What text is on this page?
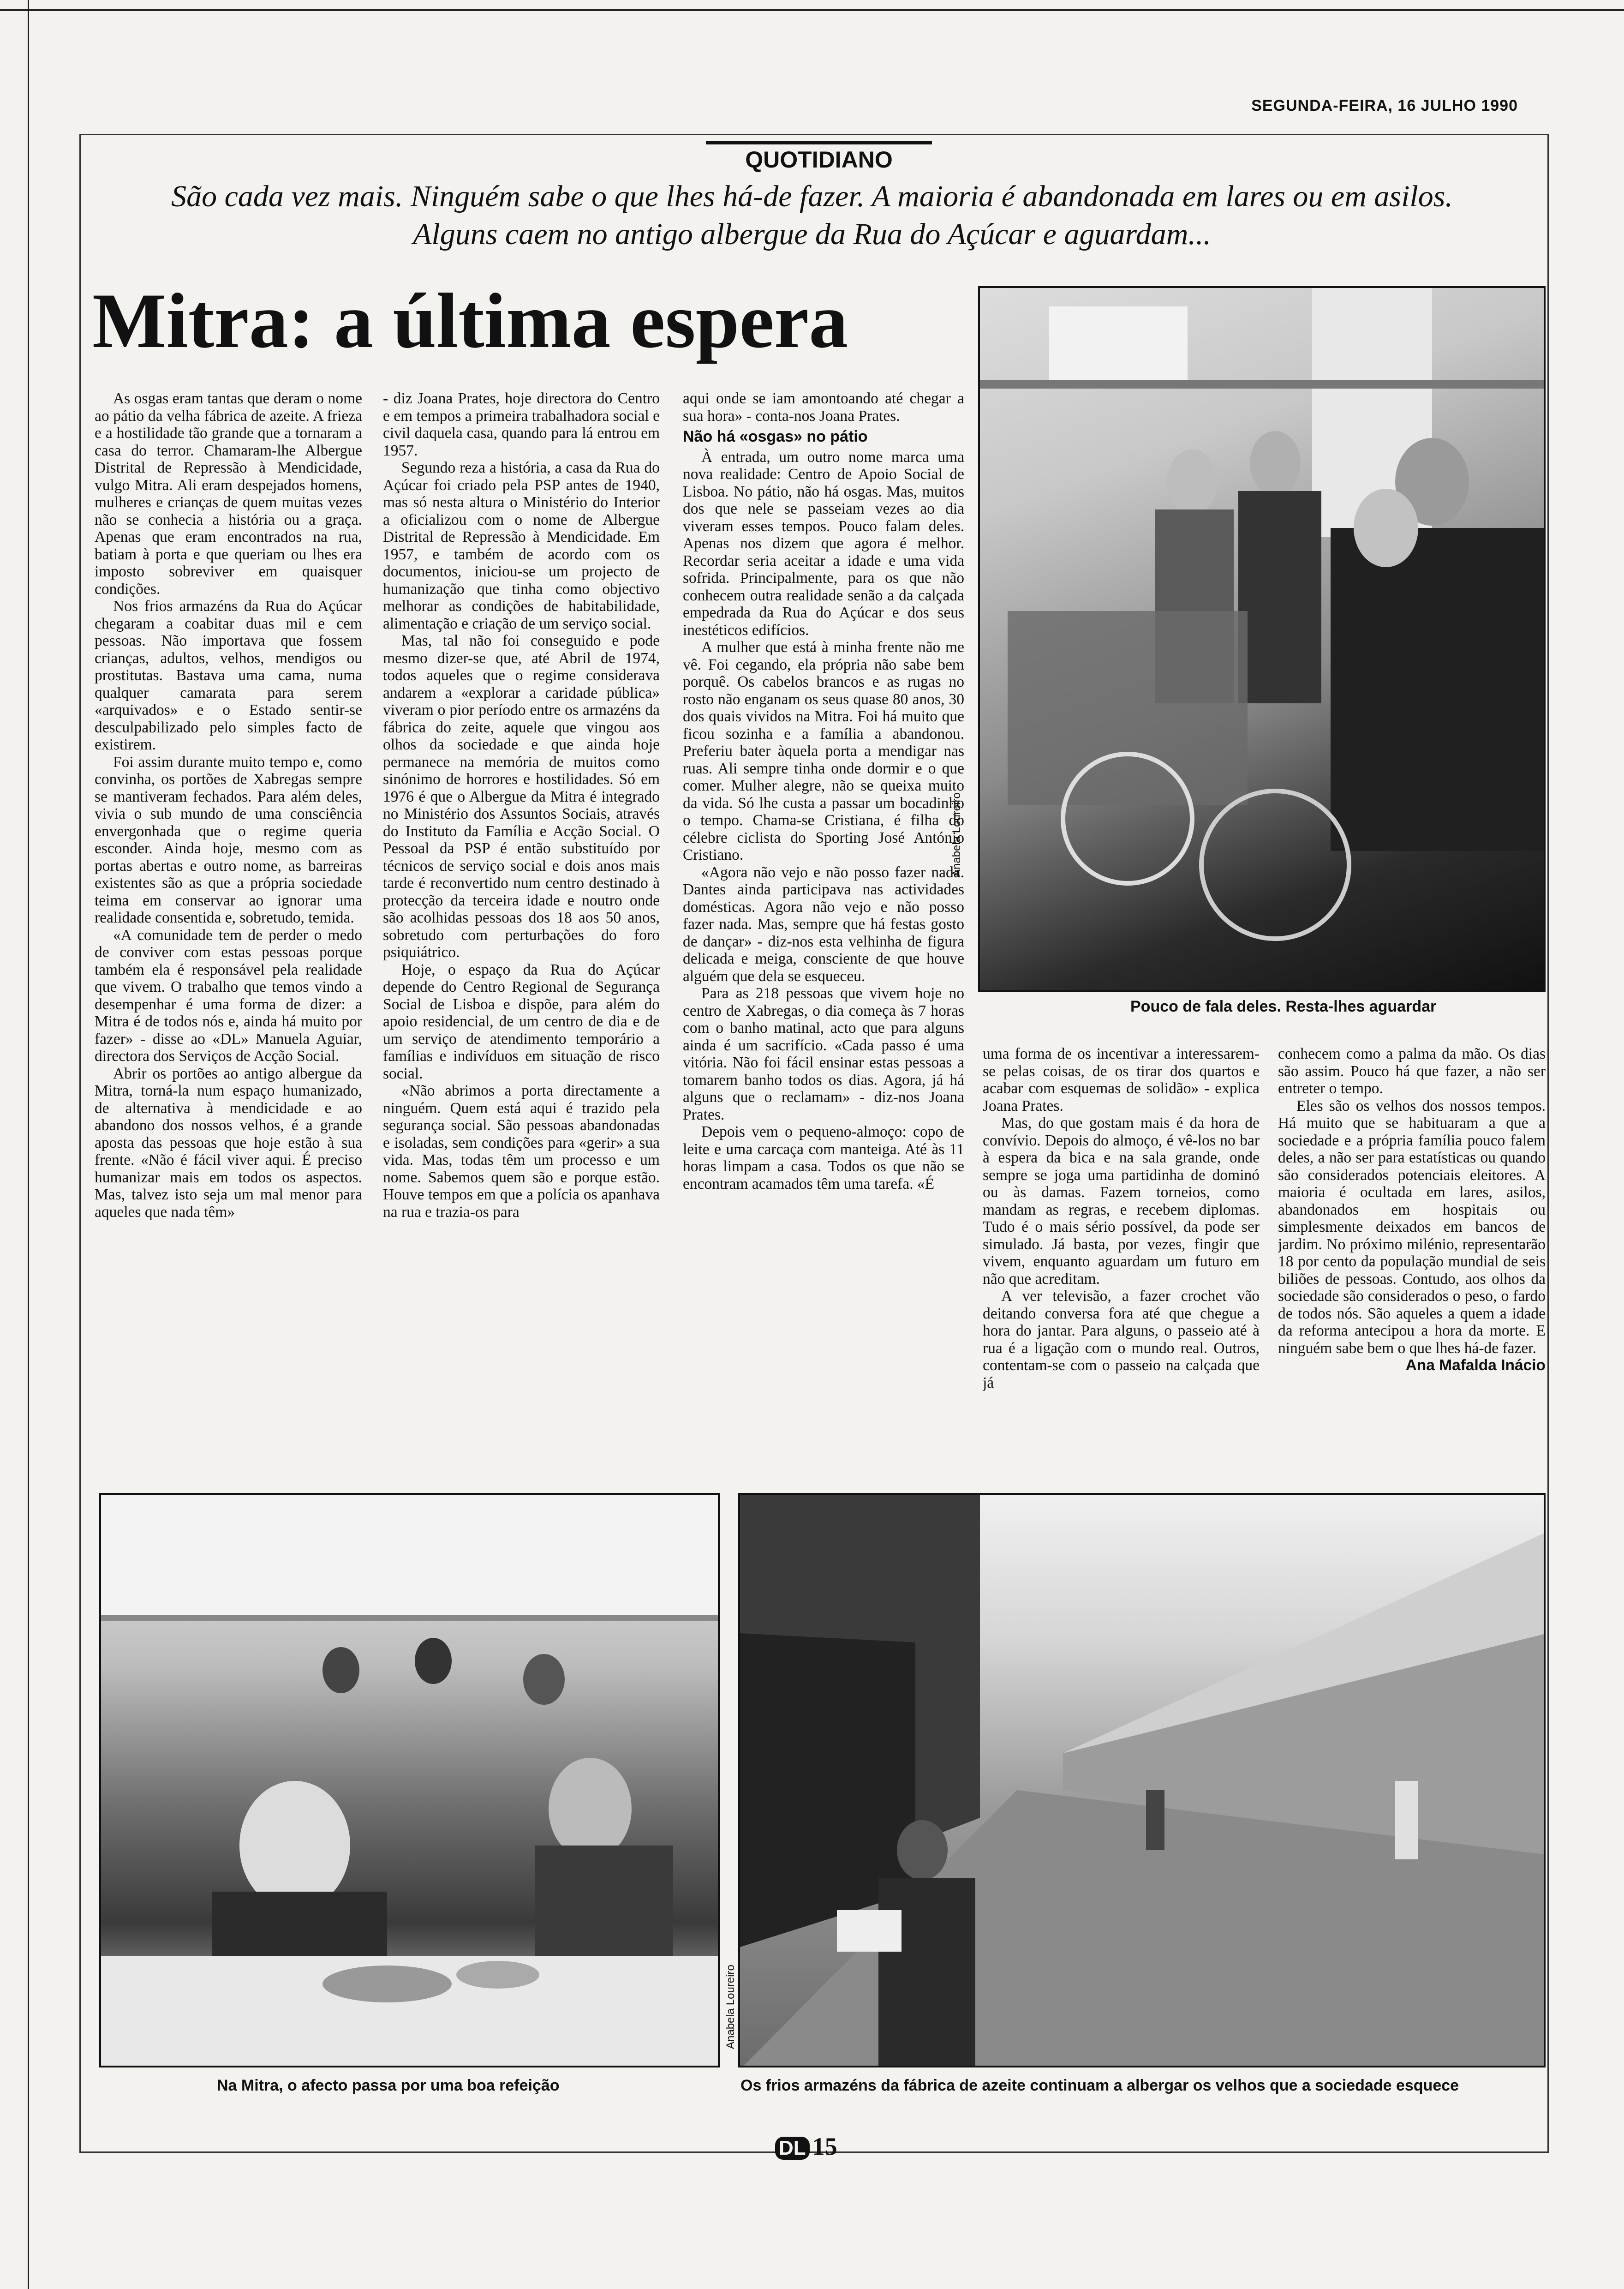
SEGUNDA-FEIRA, 16 JULHO 1990
QUOTIDIANO
São cada vez mais. Ninguém sabe o que lhes há-de fazer. A maioria é abandonada em lares ou em asilos.
Alguns caem no antigo albergue da Rua do Açúcar e aguardam...
Mitra: a última espera
Anabela Loureiro
Pouco de fala deles. Resta-lhes aguardar

As osgas eram tantas que deram o nome ao pátio da velha fábrica de azeite. A frieza e a hostilidade tão grande que a tornaram a casa do terror. Chamaram-lhe Albergue Distrital de Repressão à Mendicidade, vulgo Mitra. Ali eram despejados homens, mulheres e crianças de quem muitas vezes não se conhecia a história ou a graça. Apenas que eram encontrados na rua, batiam à porta e que queriam ou lhes era imposto sobreviver em quaisquer condições.

Nos frios armazéns da Rua do Açúcar chegaram a coabitar duas mil e cem pessoas. Não importava que fossem crianças, adultos, velhos, mendigos ou prostitutas. Bastava uma cama, numa qualquer camarata para serem «arquivados» e o Estado sentir-se desculpabilizado pelo simples facto de existirem.

Foi assim durante muito tempo e, como convinha, os portões de Xabregas sempre se mantiveram fechados. Para além deles, vivia o sub mundo de uma consciência envergonhada que o regime queria esconder. Ainda hoje, mesmo com as portas abertas e outro nome, as barreiras existentes são as que a própria sociedade teima em conservar ao ignorar uma realidade consentida e, sobretudo, temida.

«A comunidade tem de perder o medo de conviver com estas pessoas porque também ela é responsável pela realidade que vivem. O trabalho que temos vindo a desempenhar é uma forma de dizer: a Mitra é de todos nós e, ainda há muito por fazer» - disse ao «DL» Manuela Aguiar, directora dos Serviços de Acção Social.

Abrir os portões ao antigo albergue da Mitra, torná-la num espaço humanizado, de alternativa à mendicidade e ao abandono dos nossos velhos, é a grande aposta das pessoas que hoje estão à sua frente. «Não é fácil viver aqui. É preciso humanizar mais em todos os aspectos. Mas, talvez isto seja um mal menor para aqueles que nada têm»

- diz Joana Prates, hoje directora do Centro e em tempos a primeira trabalhadora social e civil daquela casa, quando para lá entrou em 1957.

Segundo reza a história, a casa da Rua do Açúcar foi criado pela PSP antes de 1940, mas só nesta altura o Ministério do Interior a oficializou com o nome de Albergue Distrital de Repressão à Mendicidade. Em 1957, e também de acordo com os documentos, iniciou-se um projecto de humanização que tinha como objectivo melhorar as condições de habitabilidade, alimentação e criação de um serviço social.

Mas, tal não foi conseguido e pode mesmo dizer-se que, até Abril de 1974, todos aqueles que o regime considerava andarem a «explorar a caridade pública» viveram o pior período entre os armazéns da fábrica do zeite, aquele que vingou aos olhos da sociedade e que ainda hoje permanece na memória de muitos como sinónimo de horrores e hostilidades. Só em 1976 é que o Albergue da Mitra é integrado no Ministério dos Assuntos Sociais, através do Instituto da Família e Acção Social. O Pessoal da PSP é então substituído por técnicos de serviço social e dois anos mais tarde é reconvertido num centro destinado à protecção da terceira idade e noutro onde são acolhidas pessoas dos 18 aos 50 anos, sobretudo com perturbações do foro psiquiátrico.

Hoje, o espaço da Rua do Açúcar depende do Centro Regional de Segurança Social de Lisboa e dispõe, para além do apoio residencial, de um centro de dia e de um serviço de atendimento temporário a famílias e indivíduos em situação de risco social.

«Não abrimos a porta directamente a ninguém. Quem está aqui é trazido pela segurança social. São pessoas abandonadas e isoladas, sem condições para «gerir» a sua vida. Mas, todas têm um processo e um nome. Sabemos quem são e porque estão. Houve tempos em que a polícia os apanhava na rua e trazia-os para

aqui onde se iam amontoando até chegar a sua hora» - conta-nos Joana Prates.

Não há «osgas» no pátio

À entrada, um outro nome marca uma nova realidade: Centro de Apoio Social de Lisboa. No pátio, não há osgas. Mas, muitos dos que nele se passeiam vezes ao dia viveram esses tempos. Pouco falam deles. Apenas nos dizem que agora é melhor. Recordar seria aceitar a idade e uma vida sofrida. Principalmente, para os que não conhecem outra realidade senão a da calçada empedrada da Rua do Açúcar e dos seus inestéticos edifícios.

A mulher que está à minha frente não me vê. Foi cegando, ela própria não sabe bem porquê. Os cabelos brancos e as rugas no rosto não enganam os seus quase 80 anos, 30 dos quais vividos na Mitra. Foi há muito que ficou sozinha e a família a abandonou. Preferiu bater àquela porta a mendigar nas ruas. Ali sempre tinha onde dormir e o que comer. Mulher alegre, não se queixa muito da vida. Só lhe custa a passar um bocadinho o tempo. Chama-se Cristiana, é filha do célebre ciclista do Sporting José António Cristiano.

«Agora não vejo e não posso fazer nada. Dantes ainda participava nas actividades domésticas. Agora não vejo e não posso fazer nada. Mas, sempre que há festas gosto de dançar» - diz-nos esta velhinha de figura delicada e meiga, consciente de que houve alguém que dela se esqueceu.

Para as 218 pessoas que vivem hoje no centro de Xabregas, o dia começa às 7 horas com o banho matinal, acto que para alguns ainda é um sacrifício. «Cada passo é uma vitória. Não foi fácil ensinar estas pessoas a tomarem banho todos os dias. Agora, já há alguns que o reclamam» - diz-nos Joana Prates.

Depois vem o pequeno-almoço: copo de leite e uma carcaça com manteiga. Até às 11 horas limpam a casa. Todos os que não se encontram acamados têm uma tarefa. «É

uma forma de os incentivar a interessarem-se pelas coisas, de os tirar dos quartos e acabar com esquemas de solidão» - explica Joana Prates.

Mas, do que gostam mais é da hora de convívio. Depois do almoço, é vê-los no bar à espera da bica e na sala grande, onde sempre se joga uma partidinha de dominó ou às damas. Fazem torneios, como mandam as regras, e recebem diplomas. Tudo é o mais sério possível, da pode ser simulado. Já basta, por vezes, fingir que vivem, enquanto aguardam um futuro em não que acreditam.

A ver televisão, a fazer crochet vão deitando conversa fora até que chegue a hora do jantar. Para alguns, o passeio até à rua é a ligação com o mundo real. Outros, contentam-se com o passeio na calçada que já

conhecem como a palma da mão. Os dias são assim. Pouco há que fazer, a não ser entreter o tempo.

Eles são os velhos dos nossos tempos. Há muito que se habituaram a que a sociedade e a própria família pouco falem deles, a não ser para estatísticas ou quando são considerados potenciais eleitores. A maioria é ocultada em lares, asilos, abandonados em hospitais ou simplesmente deixados em bancos de jardim. No próximo milénio, representarão 18 por cento da população mundial de seis biliões de pessoas. Contudo, aos olhos da sociedade são considerados o peso, o fardo de todos nós. São aqueles a quem a idade da reforma antecipou a hora da morte. E ninguém sabe bem o que lhes há-de fazer.

Ana Mafalda Inácio
Anabela Loureiro
Na Mitra, o afecto passa por uma boa refeição	Os frios armazéns da fábrica de azeite continuam a albergar os velhos que a sociedade esquece
DL 15
